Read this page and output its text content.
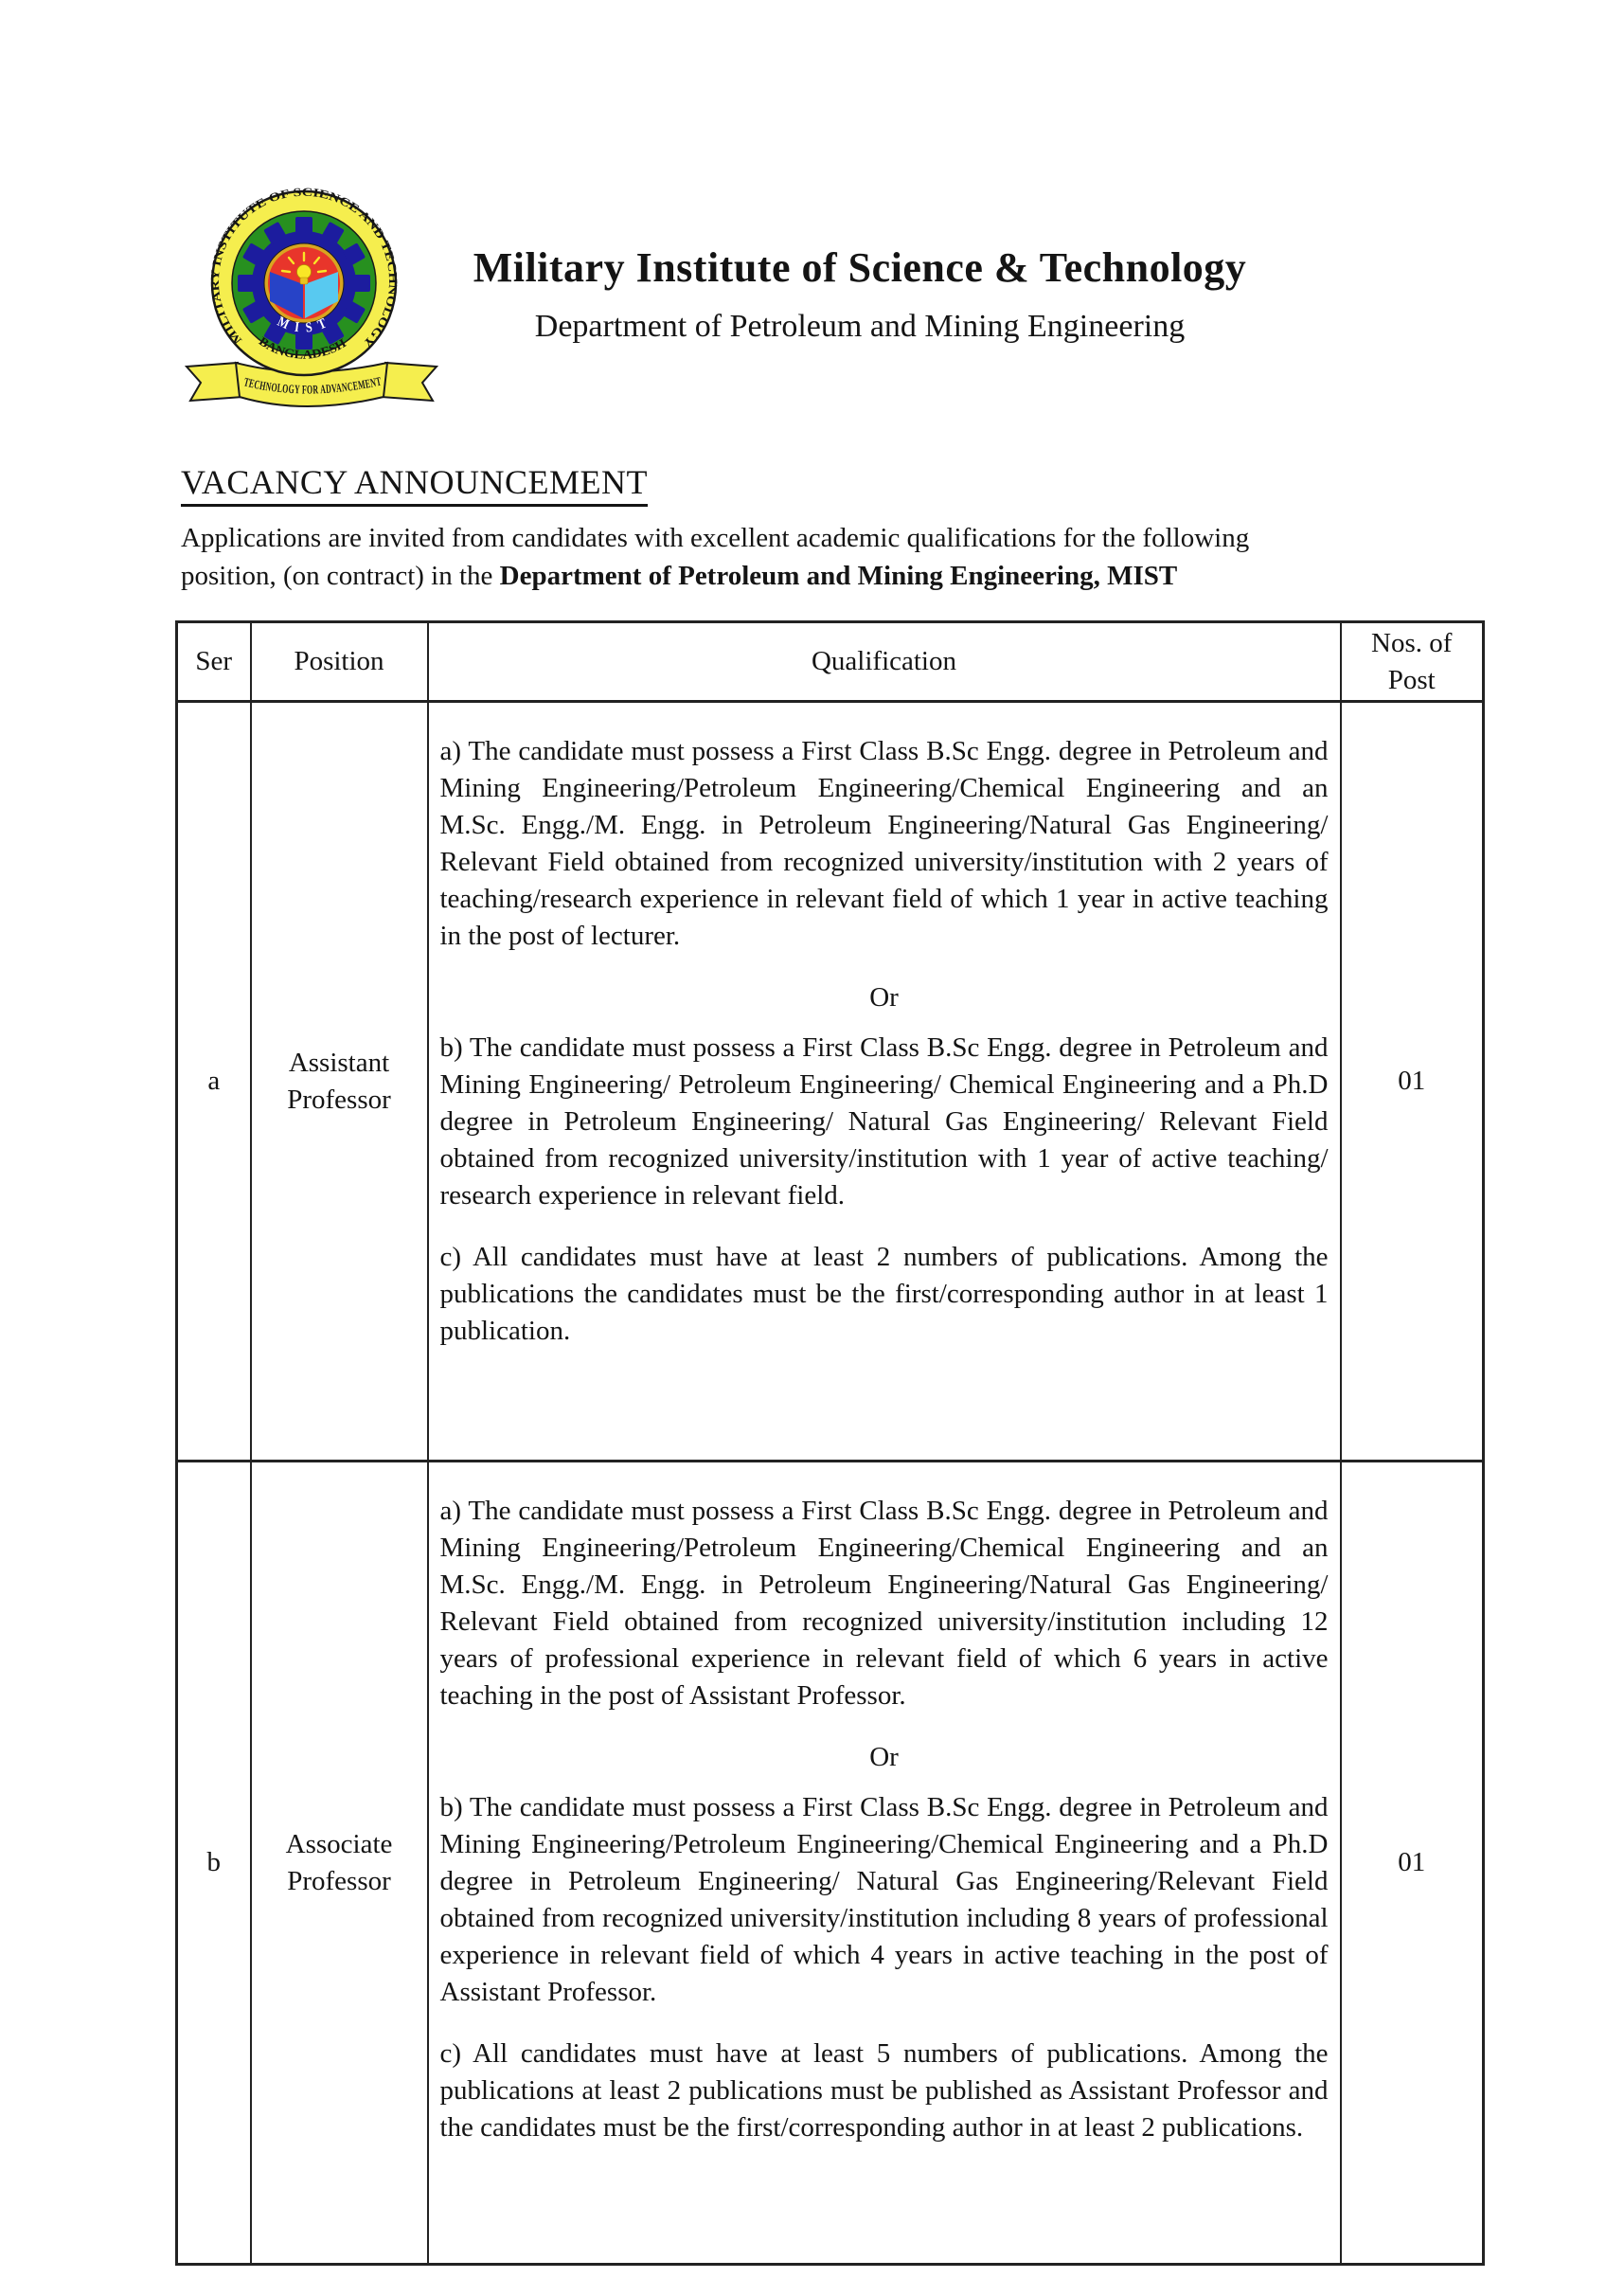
TECHNOLOGY FOR ADVANCEMENT
MILITARY INSTITUTE OF SCIENCE AND TECHNOLOGY
BANGLADESH
M I S T
Military Institute of Science & Technology
Department of Petroleum and Mining Engineering
VACANCY ANNOUNCEMENT
Applications are invited from candidates with excellent academic qualifications for the following
position, (on contract) in the Department of Petroleum and Mining Engineering, MIST
Ser	Position	Qualification	Nos. of Post
a	Assistant Professor	a) The candidate must possess a First Class B.Sc Engg. degree in Petroleum and Mining Engineering/Petroleum Engineering/Chemical Engineering and an M.Sc. Engg./M. Engg. in Petroleum Engineering/Natural Gas Engineering/ Relevant Field obtained from recognized university/institution with 2 years of teaching/research experience in relevant field of which 1 year in active teaching in the post of lecturer.

Or

b) The candidate must possess a First Class B.Sc Engg. degree in Petroleum and Mining Engineering/ Petroleum Engineering/ Chemical Engineering and a Ph.D degree in Petroleum Engineering/ Natural Gas Engineering/ Relevant Field obtained from recognized university/institution with 1 year of active teaching/ research experience in relevant field.

c) All candidates must have at least 2 numbers of publications. Among the publications the candidates must be the first/corresponding author in at least 1 publication.	01
b	Associate Professor	a) The candidate must possess a First Class B.Sc Engg. degree in Petroleum and Mining Engineering/Petroleum Engineering/Chemical Engineering and an M.Sc. Engg./M. Engg. in Petroleum Engineering/Natural Gas Engineering/ Relevant Field obtained from recognized university/institution including 12 years of professional experience in relevant field of which 6 years in active teaching in the post of Assistant Professor.

Or

b) The candidate must possess a First Class B.Sc Engg. degree in Petroleum and Mining Engineering/Petroleum Engineering/Chemical Engineering and a Ph.D degree in Petroleum Engineering/ Natural Gas Engineering/Relevant Field obtained from recognized university/institution including 8 years of professional experience in relevant field of which 4 years in active teaching in the post of Assistant Professor.

c) All candidates must have at least 5 numbers of publications. Among the publications at least 2 publications must be published as Assistant Professor and the candidates must be the first/corresponding author in at least 2 publications.	01
